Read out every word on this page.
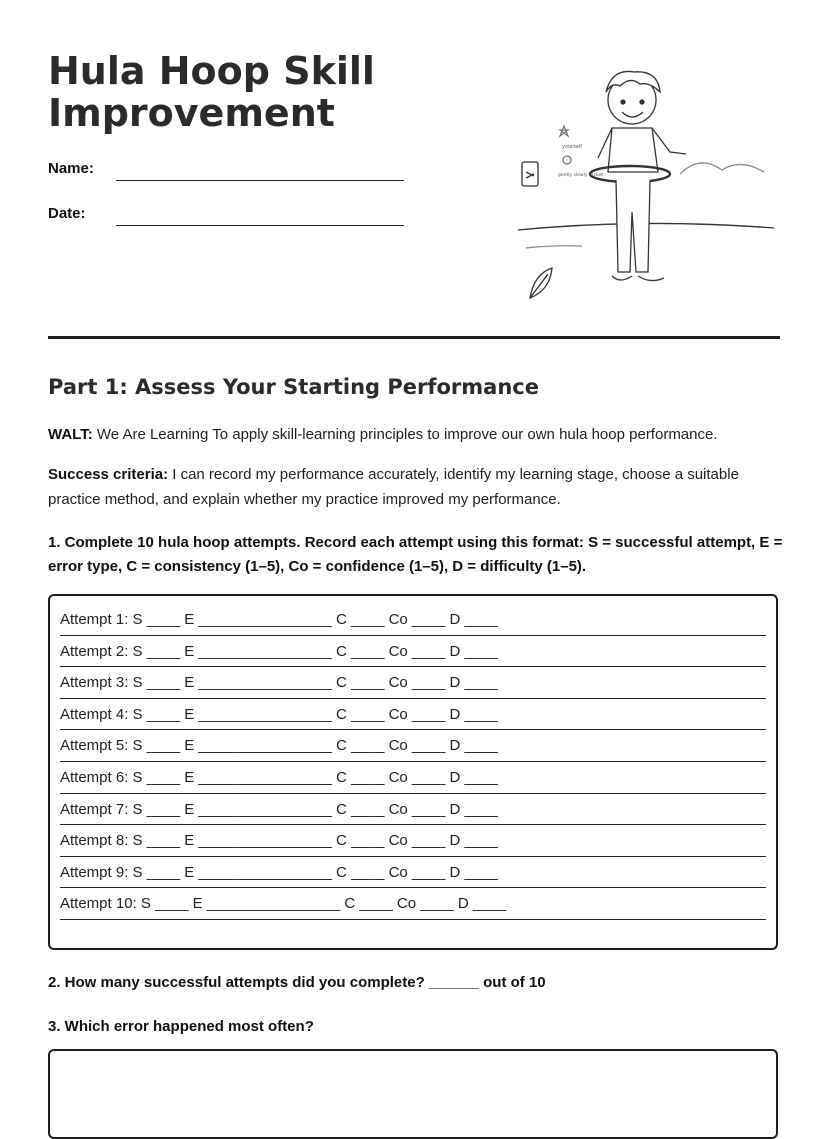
Hula Hoop Skill Improvement
Name:
Date:
yourself
gently slowly racket
Part 1: Assess Your Starting Performance
WALT: We Are Learning To apply skill-learning principles to improve our own hula hoop performance.
Success criteria: I can record my performance accurately, identify my learning stage, choose a suitable practice method, and explain whether my practice improved my performance.
1. Complete 10 hula hoop attempts. Record each attempt using this format: S = successful attempt, E = error type, C = consistency (1–5), Co = confidence (1–5), D = difficulty (1–5).
Attempt 1: S ____ E ________________ C ____ Co ____ D ____
Attempt 2: S ____ E ________________ C ____ Co ____ D ____
Attempt 3: S ____ E ________________ C ____ Co ____ D ____
Attempt 4: S ____ E ________________ C ____ Co ____ D ____
Attempt 5: S ____ E ________________ C ____ Co ____ D ____
Attempt 6: S ____ E ________________ C ____ Co ____ D ____
Attempt 7: S ____ E ________________ C ____ Co ____ D ____
Attempt 8: S ____ E ________________ C ____ Co ____ D ____
Attempt 9: S ____ E ________________ C ____ Co ____ D ____
Attempt 10: S ____ E ________________ C ____ Co ____ D ____
2. How many successful attempts did you complete? ______ out of 10
3. Which error happened most often?
